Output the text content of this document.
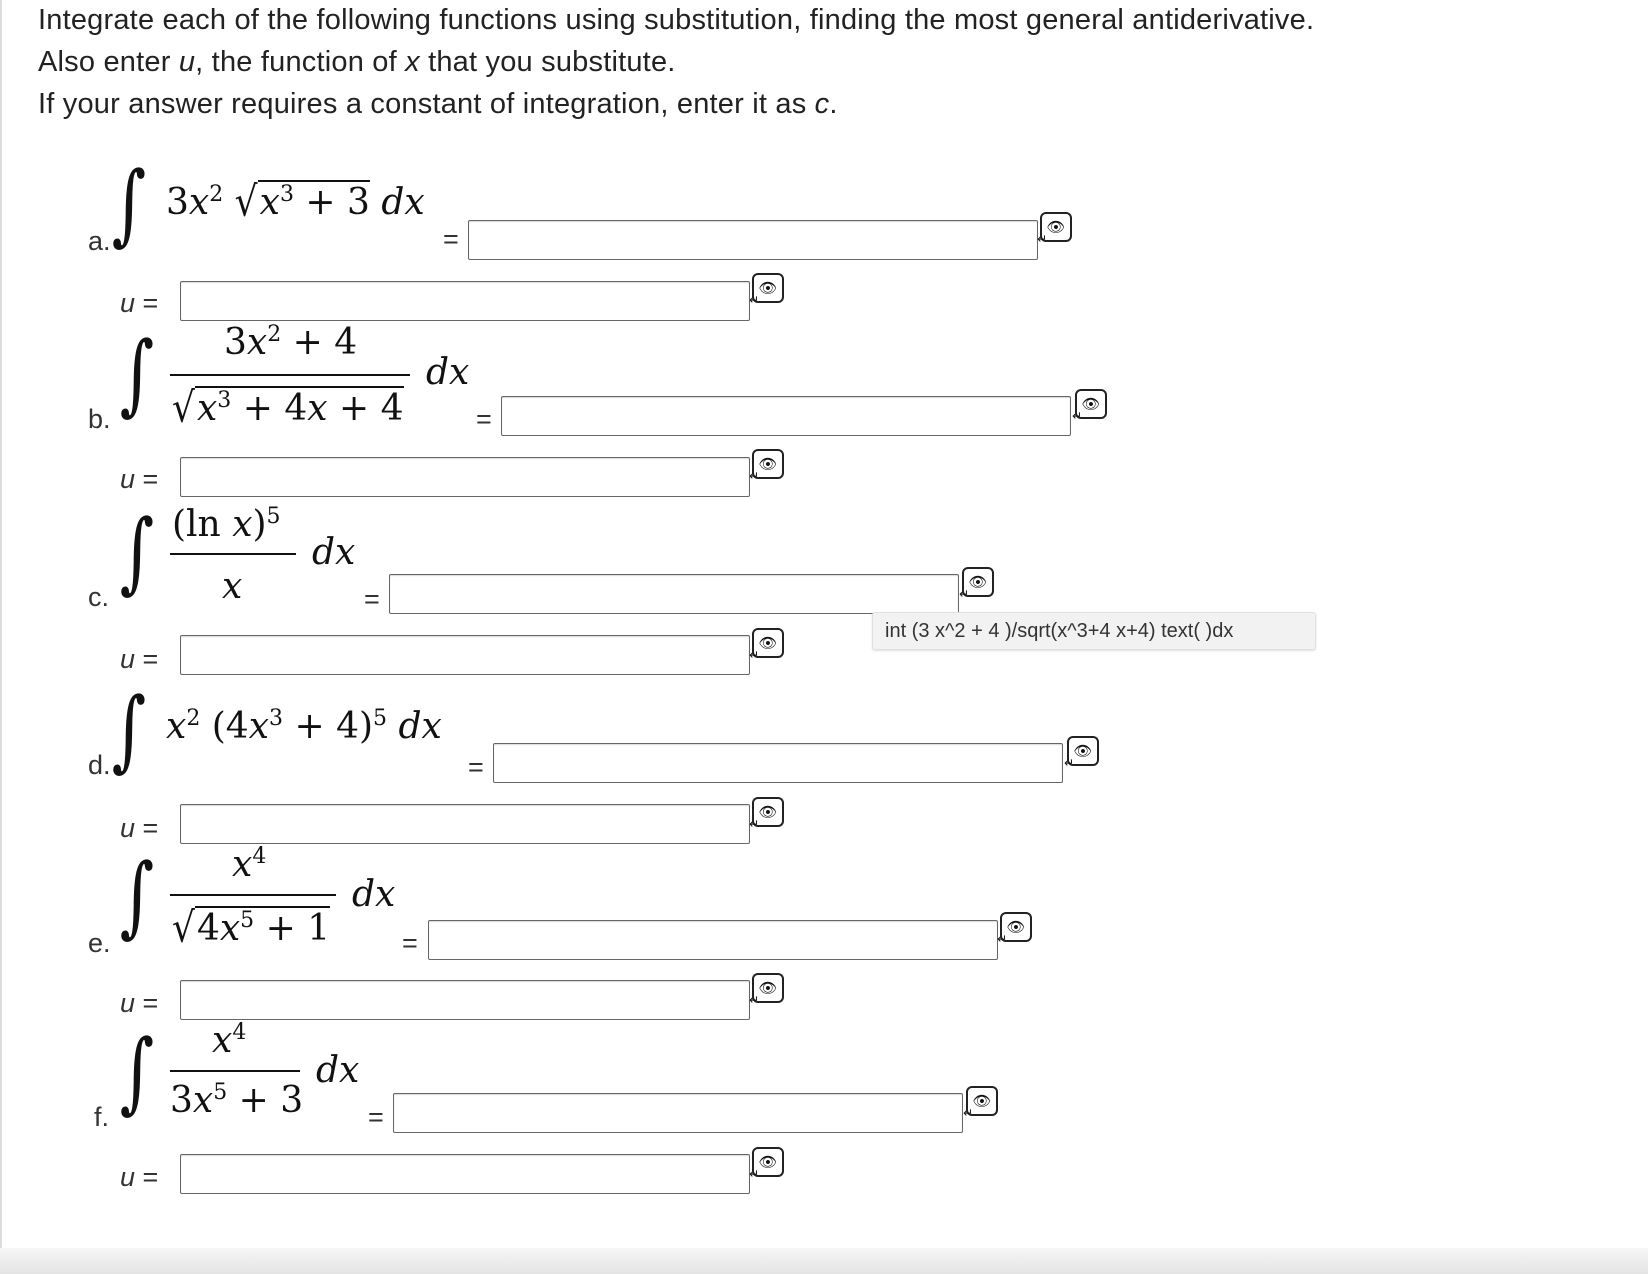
Integrate each of the following functions using substitution, finding the most general antiderivative.
Also enter u, the function of x that you substitute.
If your answer requires a constant of integration, enter it as c.
a. ∫ $3x^2$ $√x^3 + 3$ dx
=	👁
↵
u =	👁
↵
b. ∫ $3x^2 + 4$
$√x^3 + 4x + 4$
dx
=	👁
↵
u =	👁
↵
c. ∫ (ln x)$^5$
x
dx
=
👁
↵
u =
👁
↵
int (3 x^2 + 4 )/sqrt(x^3+4 x+4) text( )dx
d. ∫ $x^2$ $(4x^3 + 4)^5$ dx
=
👁
↵
u =
👁
↵
e. ∫ $x^4$
$√4x^5 + 1$
dx
=
👁
↵
u =	👁
↵
f. ∫ $x^4$
$3x^5 + 3$
dx
=
👁
↵
u =	👁
↵
